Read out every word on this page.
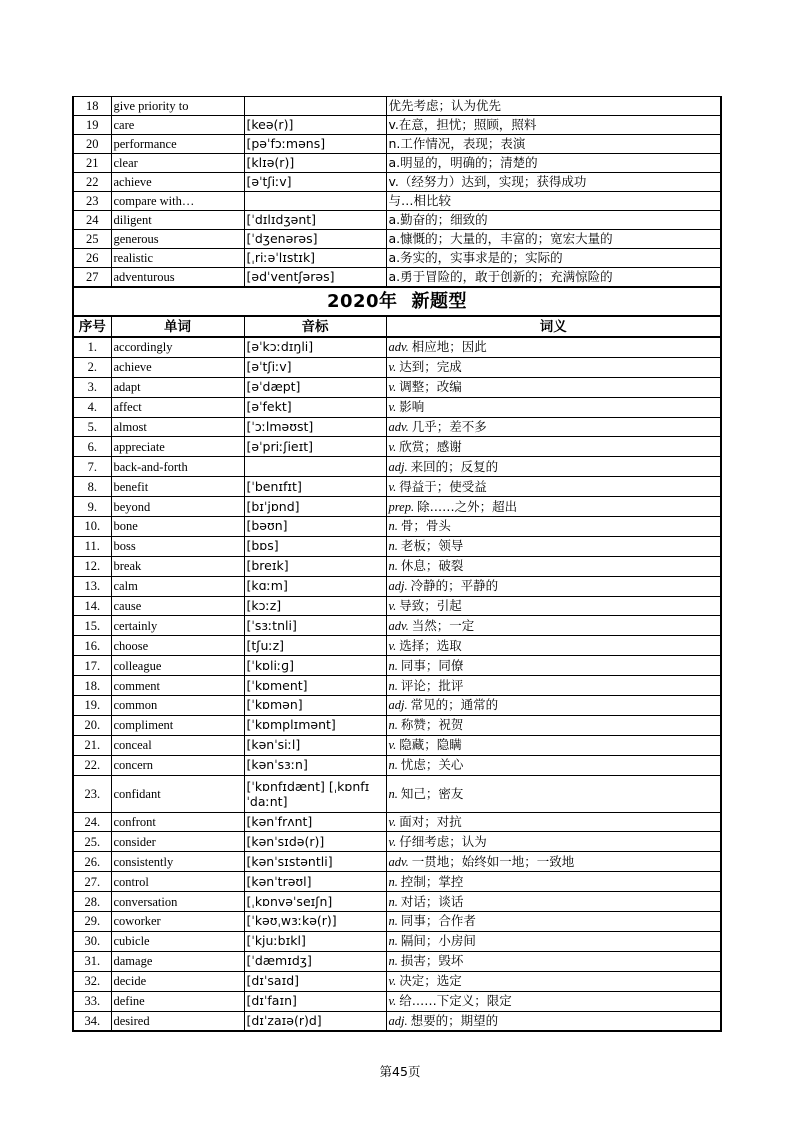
18	give priority to		优先考虑；认为优先
19	care	[keə(r)]	v.在意，担忧；照顾，照料
20	performance	[pəˈfɔːməns]	n.工作情况，表现；表演
21	clear	[klɪə(r)]	a.明显的，明确的；清楚的
22	achieve	[əˈtʃiːv]	v.（经努力）达到，实现；获得成功
23	compare with…		与…相比较
24	diligent	[ˈdɪlɪdʒənt]	a.勤奋的；细致的
25	generous	[ˈdʒenərəs]	a.慷慨的；大量的，丰富的；宽宏大量的
26	realistic	[ˌriːəˈlɪstɪk]	a.务实的，实事求是的；实际的
27	adventurous	[ədˈventʃərəs]	a.勇于冒险的，敢于创新的；充满惊险的
2020年 新题型			
序号	单词	音标	词义
1.	accordingly	[əˈkɔːdɪŋli]	adv. 相应地；因此
2.	achieve	[əˈtʃiːv]	v. 达到；完成
3.	adapt	[əˈdæpt]	v. 调整；改编
4.	affect	[əˈfekt]	v. 影响
5.	almost	[ˈɔːlməʊst]	adv. 几乎；差不多
6.	appreciate	[əˈpriːʃieɪt]	v. 欣赏；感谢
7.	back-and-forth		adj. 来回的；反复的
8.	benefit	[ˈbenɪfɪt]	v. 得益于；使受益
9.	beyond	[bɪˈjɒnd]	prep. 除……之外；超出
10.	bone	[bəʊn]	n. 骨；骨头
11.	boss	[bɒs]	n. 老板；领导
12.	break	[breɪk]	n. 休息；破裂
13.	calm	[kɑːm]	adj. 冷静的；平静的
14.	cause	[kɔːz]	v. 导致；引起
15.	certainly	[ˈsɜːtnli]	adv. 当然；一定
16.	choose	[tʃuːz]	v. 选择；选取
17.	colleague	[ˈkɒliːɡ]	n. 同事；同僚
18.	comment	[ˈkɒment]	n. 评论；批评
19.	common	[ˈkɒmən]	adj. 常见的；通常的
20.	compliment	[ˈkɒmplɪmənt]	n. 称赞；祝贺
21.	conceal	[kənˈsiːl]	v. 隐藏；隐瞒
22.	concern	[kənˈsɜːn]	n. 忧虑；关心
23.	confidant	[ˈkɒnfɪdænt] [ˌkɒnfɪˈdaːnt]	n. 知己；密友
24.	confront	[kənˈfrʌnt]	v. 面对；对抗
25.	consider	[kənˈsɪdə(r)]	v. 仔细考虑；认为
26.	consistently	[kənˈsɪstəntli]	adv. 一贯地；始终如一地；一致地
27.	control	[kənˈtrəʊl]	n. 控制；掌控
28.	conversation	[ˌkɒnvəˈseɪʃn]	n. 对话；谈话
29.	coworker	[ˈkəʊˌwɜːkə(r)]	n. 同事；合作者
30.	cubicle	[ˈkjuːbɪkl]	n. 隔间；小房间
31.	damage	[ˈdæmɪdʒ]	n. 损害；毁坏
32.	decide	[dɪˈsaɪd]	v. 决定；选定
33.	define	[dɪˈfaɪn]	v. 给……下定义；限定
34.	desired	[dɪˈzaɪə(r)d]	adj. 想要的；期望的
第45页
